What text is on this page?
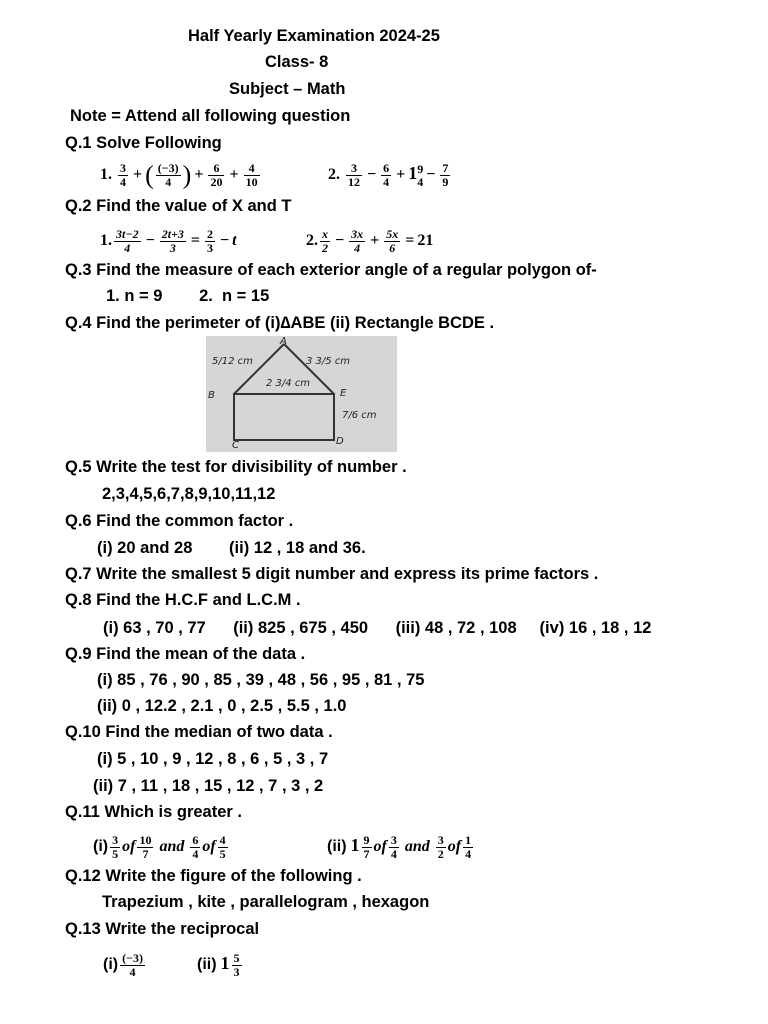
Half Yearly Examination 2024-25
Class- 8
Subject – Math
Note = Attend all following question
Q.1 Solve Following
1. $\frac{3}{4}$ + ( $\frac{(-3)}{4}$ ) + $\frac{6}{20} + \frac{4}{10}$	2. $\frac{3}{12} - \frac{6}{4} + 1$ 9
$4 - \frac{7}{9}$
Q.2 Find the value of X and T
1. $\frac{3t-2}{4} - \frac{2t+3}{3} = \frac{2}{3} - t$	2. $\frac{x}{2} - \frac{3x}{4} + \frac{5x}{6} = 21$
Q.3 Find the measure of each exterior angle of a regular polygon of-
1. n = 9        2.  n = 15
Q.4 Find the perimeter of (i)∆ABE (ii) Rectangle BCDE .
A
B
C	D
E
5/12 cm	3 3/5 cm
2 3/4 cm
7/6 cm
Q.5 Write the test for divisibility of number .
2,3,4,5,6,7,8,9,10,11,12
Q.6 Find the common factor .
(i) 20 and 28        (ii) 12 , 18 and 36.
Q.7 Write the smallest 5 digit number and express its prime factors .
Q.8 Find the H.C.F and L.C.M .
(i) 63 , 70 , 77      (ii) 825 , 675 , 450      (iii) 48 , 72 , 108     (iv) 16 , 18 , 12
Q.9 Find the mean of the data .
(i) 85 , 76 , 90 , 85 , 39 , 48 , 56 , 95 , 81 , 75
(ii) 0 , 12.2 , 2.1 , 0 , 2.5 , 5.5 , 1.0
Q.10 Find the median of two data .
(i) 5 , 10 , 9 , 12 , 8 , 6 , 5 , 3 , 7
(ii) 7 , 11 , 18 , 15 , 12 , 7 , 3 , 2
Q.11 Which is greater .
$(i) \frac{3}{5}$ of $\frac{10}{7}$ and $\frac{6}{4}$ of $\frac{4}{5}$	(ii) $1 \frac{9}{7}$ of $\frac{3}{4}$ and $\frac{3}{2}$ of $\frac{1}{4}$
Q.12 Write the figure of the following .
Trapezium , kite , parallelogram , hexagon
Q.13 Write the reciprocal
$(i) \frac{(-3)}{4}$	(ii) $1 \frac{5}{3}$
